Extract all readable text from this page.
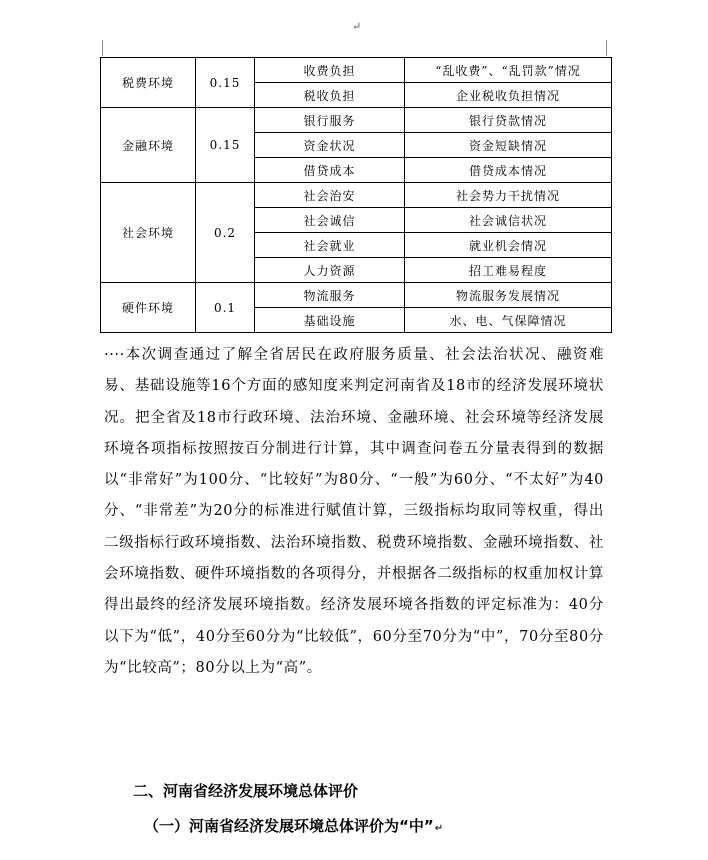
↵
税费环境	0.15	收费负担	“乱收费”、“乱罚款”情况
		税收负担	企业税收负担情况
金融环境	0.15	银行服务	银行贷款情况
		资金状况	资金短缺情况
		借贷成本	借贷成本情况
社会环境	0.2	社会治安	社会势力干扰情况
		社会诚信	社会诚信状况
		社会就业	就业机会情况
		人力资源	招工难易程度
硬件环境	0.1	物流服务	物流服务发展情况
		基础设施	水、电、气保障情况
····本次调查通过了解全省居民在政府服务质量、社会法治状况、融资难易、基础设施等16个方面的感知度来判定河南省及18市的经济发展环境状况。把全省及18市行政环境、法治环境、金融环境、社会环境等经济发展环境各项指标按照按百分制进行计算，其中调查问卷五分量表得到的数据以“非常好”为100分、“比较好”为80分、“一般”为60分、“不太好”为40分、“非常差”为20分的标准进行赋值计算，三级指标均取同等权重，得出二级指标行政环境指数、法治环境指数、税费环境指数、金融环境指数、社会环境指数、硬件环境指数的各项得分，并根据各二级指标的权重加权计算得出最终的经济发展环境指数。经济发展环境各指数的评定标准为：40分以下为“低”，40分至60分为“比较低”，60分至70分为“中”，70分至80分为“比较高”；80分以上为“高”。
二、河南省经济发展环境总体评价
（一）河南省经济发展环境总体评价为“中”↵
